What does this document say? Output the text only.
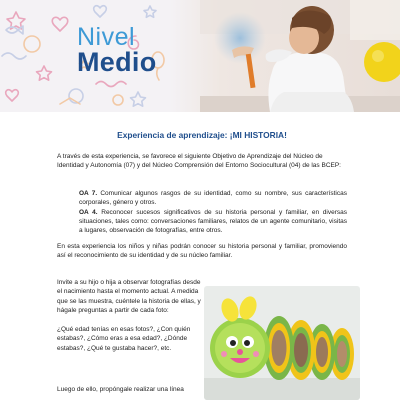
Nivel
Medio
Experiencia de aprendizaje: ¡MI HISTORIA!
A través de esta experiencia, se favorece el siguiente Objetivo de Aprendizaje del Núcleo de Identidad y Autonomía (07) y del Núcleo Comprensión del Entorno Sociocultural (04) de las BCEP:
OA 7. Comunicar algunos rasgos de su identidad, como su nombre, sus características corporales, género y otros.
OA 4. Reconocer sucesos significativos de su historia personal y familiar, en diversas situaciones, tales como: conversaciones familiares, relatos de un agente comunitario, visitas a lugares, observación de fotografías, entre otros.
En esta experiencia los niños y niñas podrán conocer su historia personal y familiar, promoviendo así el reconocimiento de su identidad y de su núcleo familiar.
Invite a su hijo o hija a observar fotografías desde el nacimiento hasta el momento actual. A medida que se las muestra, cuéntele la historia de ellas, y hágale preguntas a partir de cada foto:
¿Qué edad tenías en esas fotos?, ¿Con quién estabas?, ¿Cómo eras a esa edad?, ¿Dónde estabas?, ¿Qué te gustaba hacer?, etc.
Luego de ello, propóngale realizar una línea
